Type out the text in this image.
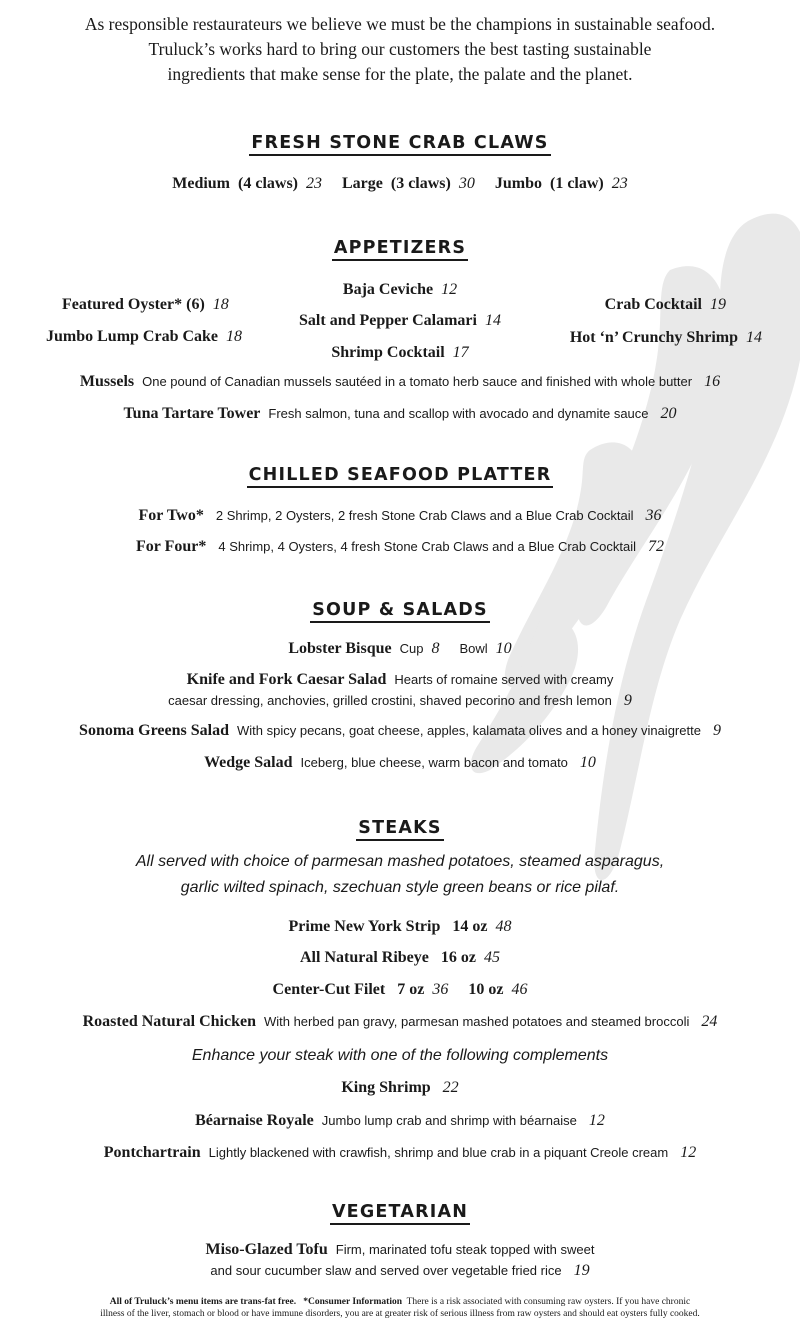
As responsible restaurateurs we believe we must be the champions in sustainable seafood.
Truluck’s works hard to bring our customers the best tasting sustainable
ingredients that make sense for the plate, the palate and the planet.
FRESH STONE CRAB CLAWS
Medium (4 claws) 23 Large (3 claws) 30 Jumbo (1 claw) 23
APPETIZERS
Baja Ceviche 12
Salt and Pepper Calamari 14
Shrimp Cocktail 17
Featured Oyster* (6) 18
Jumbo Lump Crab Cake 18
Crab Cocktail 19
Hot ‘n’ Crunchy Shrimp 14
Mussels One pound of Canadian mussels sautéed in a tomato herb sauce and finished with whole butter 16
Tuna Tartare Tower Fresh salmon, tuna and scallop with avocado and dynamite sauce 20
CHILLED SEAFOOD PLATTER
For Two* 2 Shrimp, 2 Oysters, 2 fresh Stone Crab Claws and a Blue Crab Cocktail 36
For Four* 4 Shrimp, 4 Oysters, 4 fresh Stone Crab Claws and a Blue Crab Cocktail 72
SOUP & SALADS
Lobster Bisque Cup 8 Bowl 10
Knife and Fork Caesar Salad Hearts of romaine served with creamy
caesar dressing, anchovies, grilled crostini, shaved pecorino and fresh lemon 9
Sonoma Greens Salad With spicy pecans, goat cheese, apples, kalamata olives and a honey vinaigrette 9
Wedge Salad Iceberg, blue cheese, warm bacon and tomato 10
STEAKS
All served with choice of parmesan mashed potatoes, steamed asparagus,
garlic wilted spinach, szechuan style green beans or rice pilaf.
Prime New York Strip 14 oz 48
All Natural Ribeye 16 oz 45
Center-Cut Filet 7 oz 36 10 oz 46
Roasted Natural Chicken With herbed pan gravy, parmesan mashed potatoes and steamed broccoli 24
Enhance your steak with one of the following complements
King Shrimp 22
Béarnaise Royale Jumbo lump crab and shrimp with béarnaise 12
Pontchartrain Lightly blackened with crawfish, shrimp and blue crab in a piquant Creole cream 12
VEGETARIAN
Miso-Glazed Tofu Firm, marinated tofu steak topped with sweet
and sour cucumber slaw and served over vegetable fried rice 19
All of Truluck’s menu items are trans-fat free. *Consumer Information There is a risk associated with consuming raw oysters. If you have chronic
illness of the liver, stomach or blood or have immune disorders, you are at greater risk of serious illness from raw oysters and should eat oysters fully cooked.
